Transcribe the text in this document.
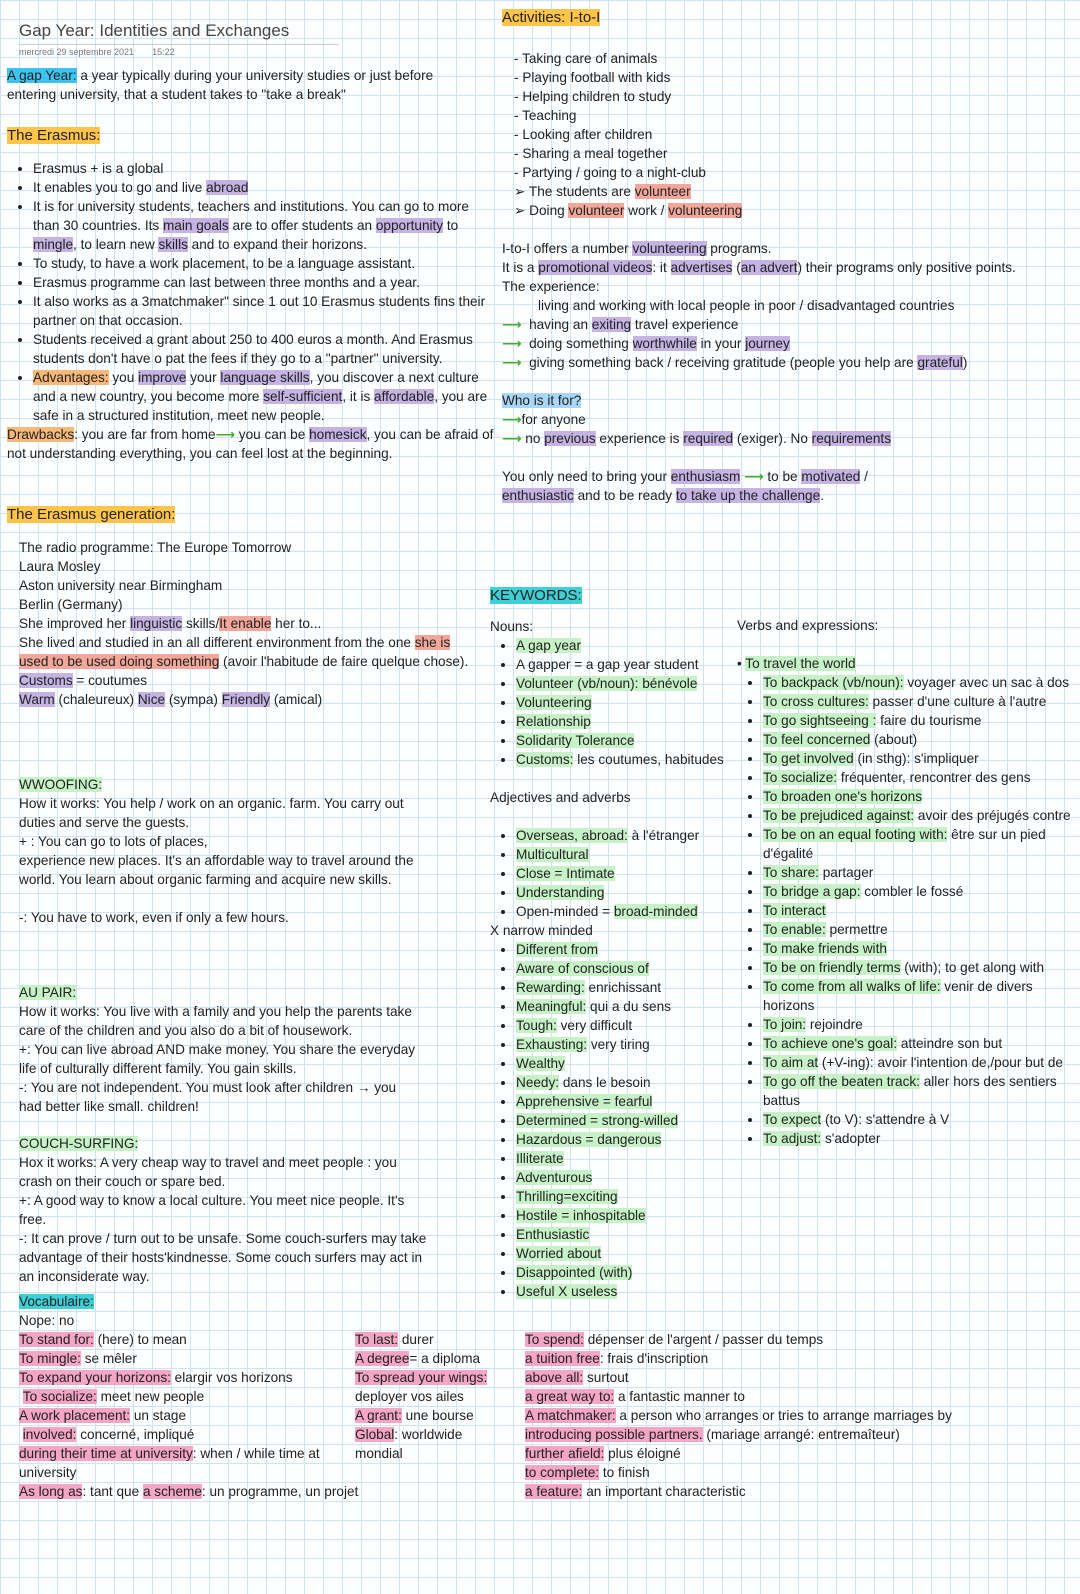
Gap Year: Identities and Exchanges
mercredi 29 septembre 2021 15:22
A gap Year: a year typically during your university studies or just before entering university, that a student takes to "take a break"
The Erasmus:
• Erasmus + is a global
• It enables you to go and live abroad
• It is for university students, teachers and institutions. You can go to more than 30 countries. Its main goals are to offer students an opportunity to mingle, to learn new skills and to expand their horizons.
• To study, to have a work placement, to be a language assistant.
• Erasmus programme can last between three months and a year.
• It also works as a 3matchmaker" since 1 out 10 Erasmus students fins their partner on that occasion.
• Students received a grant about 250 to 400 euros a month. And Erasmus students don't have o pat the fees if they go to a "partner" university.
• Advantages: you improve your language skills, you discover a next culture and a new country, you become more self-sufficient, it is affordable, you are safe in a structured institution, meet new people.

Drawbacks: you are far from home⟶ you can be homesick, you can be afraid of not understanding everything, you can feel lost at the beginning.

The Erasmus generation:

The radio programme: The Europe Tomorrow

Laura Mosley

Aston university near Birmingham

Berlin (Germany)

She improved her linguistic skills/It enable her to...

She lived and studied in an all different environment from the one she is used to be used doing something (avoir l'habitude de faire quelque chose).

Customs = coutumes

Warm (chaleureux) Nice (sympa) Friendly (amical)

WWOOFING:

How it works: You help / work on an organic. farm. You carry out duties and serve the guests.

+ : You can go to lots of places,

experience new places. It's an affordable way to travel around the world. You learn about organic farming and acquire new skills.

-: You have to work, even if only a few hours.

AU PAIR:

How it works: You live with a family and you help the parents take care of the children and you also do a bit of housework.

+: You can live abroad AND make money. You share the everyday life of culturally different family. You gain skills.

-: You are not independent. You must look after children → you had better like small. children!

COUCH-SURFING:

Hox it works: A very cheap way to travel and meet people : you crash on their couch or spare bed.

+: A good way to know a local culture. You meet nice people. It's free.

-: It can prove / turn out to be unsafe. Some couch-surfers may take advantage of their hosts'kindnesse. Some couch surfers may act in an inconsiderate way.

Vocabulaire:

Nope: no

To stand for: (here) to mean

To mingle: se mêler

To expand your horizons: elargir vos horizons

To socialize: meet new people

A work placement: un stage

involved: concerné, impliqué

during their time at university: when / while time at university

As long as: tant que a scheme: un programme, un projet

To last: durer

A degree= a diploma

To spread your wings:

deployer vos ailes

A grant: une bourse

Global: worldwide

mondial

To spend: dépenser de l'argent / passer du temps

a tuition free: frais d'inscription

above all: surtout

a great way to: a fantastic manner to

A matchmaker: a person who arranges or tries to arrange marriages by

introducing possible partners. (mariage arrangé: entremaîteur)

further afield: plus éloigné

to complete: to finish

a feature: an important characteristic

Activities: I-to-I
- Taking care of animals
- Playing football with kids
- Helping children to study
- Teaching
- Looking after children
- Sharing a meal together
- Partying / going to a night-club
➢ The students are volunteer
➢ Doing volunteer work / volunteering

I-to-I offers a number volunteering programs.

It is a promotional videos: it advertises (an advert) their programs only positive points.

The experience:

living and working with local people in poor / disadvantaged countries

⟶ having an exiting travel experience

⟶ doing something worthwhile in your journey

⟶ giving something back / receiving gratitude (people you help are grateful)

Who is it for?

⟶for anyone

⟶ no previous experience is required (exiger). No requirements

You only need to bring your enthusiasm ⟶ to be motivated / enthusiastic and to be ready to take up the challenge.

KEYWORDS:

Nouns:

• A gap year
• A gapper = a gap year student
• Volunteer (vb/noun): bénévole
• Volunteering
• Relationship
• Solidarity Tolerance
• Customs: les coutumes, habitudes

Adjectives and adverbs

• Overseas, abroad: à l'étranger
• Multicultural
• Close = Intimate
• Understanding
• Open-minded = broad-minded

X narrow minded

• Different from
• Aware of conscious of
• Rewarding: enrichissant
• Meaningful: qui a du sens
• Tough: very difficult
• Exhausting: very tiring
• Wealthy
• Needy: dans le besoin
• Apprehensive = fearful
• Determined = strong-willed
• Hazardous = dangerous
• Illiterate
• Adventurous
• Thrilling=exciting
• Hostile = inhospitable
• Enthusiastic
• Worried about
• Disappointed (with)
• Useful X useless

Verbs and expressions:

• To travel the world

• To backpack (vb/noun): voyager avec un sac à dos
• To cross cultures: passer d'une culture à l'autre
• To go sightseeing : faire du tourisme
• To feel concerned (about)
• To get involved (in sthg): s'impliquer
• To socialize: fréquenter, rencontrer des gens
• To broaden one's horizons
• To be prejudiced against: avoir des préjugés contre
• To be on an equal footing with: être sur un pied d'égalité
• To share: partager
• To bridge a gap: combler le fossé
• To interact
• To enable: permettre
• To make friends with
• To be on friendly terms (with); to get along with
• To come from all walks of life: venir de divers horizons
• To join: rejoindre
• To achieve one's goal: atteindre son but
• To aim at (+V-ing): avoir l'intention de,/pour but de
• To go off the beaten track: aller hors des sentiers battus
• To expect (to V): s'attendre à V
• To adjust: s'adopter
